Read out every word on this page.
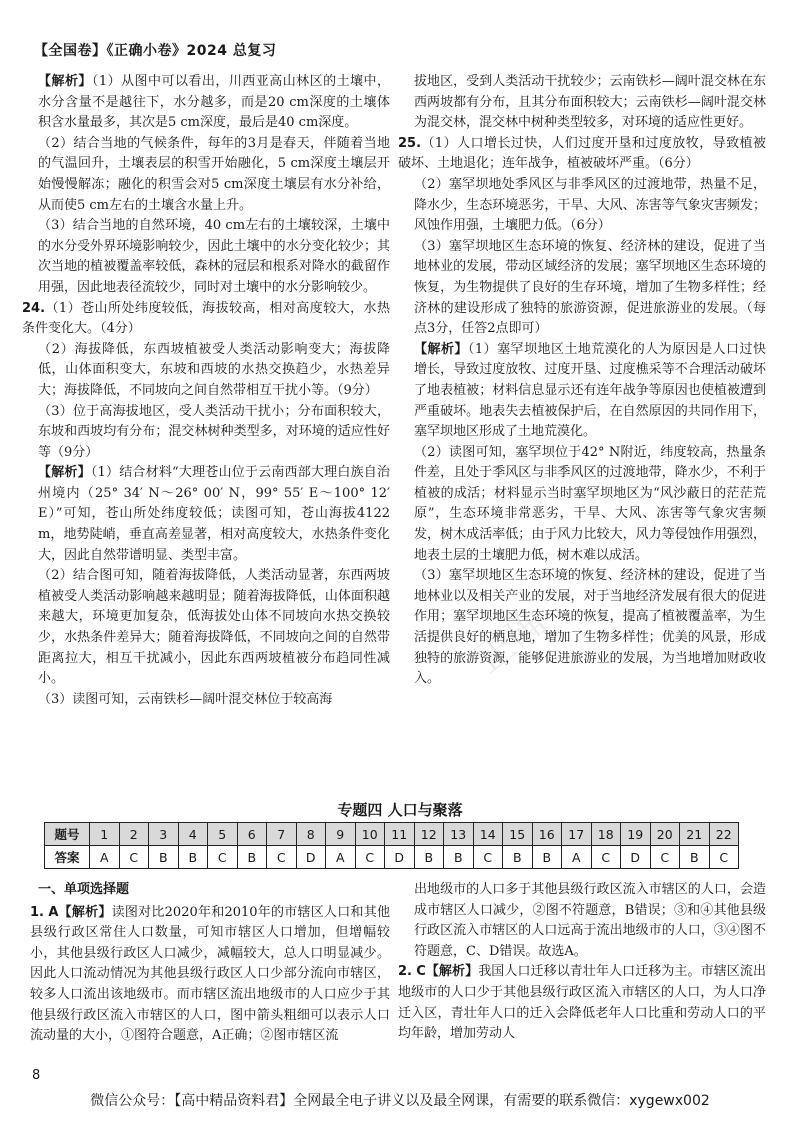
【全国卷】《正确小卷》2024 总复习
正确

【解析】（1）从图中可以看出，川西亚高山林区的土壤中，水分含量不是越往下，水分越多，而是20 cm深度的土壤体积含水量最多，其次是5 cm深度，最后是40 cm深度。

（2）结合当地的气候条件，每年的3月是春天，伴随着当地的气温回升，土壤表层的积雪开始融化，5 cm深度土壤层开始慢慢解冻；融化的积雪会对5 cm深度土壤层有水分补给，从而使5 cm左右的土壤含水量上升。

（3）结合当地的自然环境，40 cm左右的土壤较深，土壤中的水分受外界环境影响较少，因此土壤中的水分变化较少；其次当地的植被覆盖率较低，森林的冠层和根系对降水的截留作用强，因此地表径流较少，同时对土壤中的水分影响较少。

24.（1）苍山所处纬度较低，海拔较高，相对高度较大，水热条件变化大。（4分）

（2）海拔降低，东西坡植被受人类活动影响变大；海拔降低，山体面积变大，东坡和西坡的水热交换趋少，水热差异大；海拔降低，不同坡向之间自然带相互干扰小等。（9分）

（3）位于高海拔地区，受人类活动干扰小；分布面积较大，东坡和西坡均有分布；混交林树种类型多，对环境的适应性好等（9分）

【解析】（1）结合材料“大理苍山位于云南西部大理白族自治州境内（25° 34′ N～26° 00′ N，99° 55′ E～100° 12′ E）”可知，苍山所处纬度较低；读图可知，苍山海拔4122 m，地势陡峭，垂直高差显著，相对高度较大，水热条件变化大，因此自然带谱明显、类型丰富。

（2）结合图可知，随着海拔降低，人类活动显著，东西两坡植被受人类活动影响越来越明显；随着海拔降低，山体面积越来越大，环境更加复杂，低海拔处山体不同坡向水热交换较少，水热条件差异大；随着海拔降低，不同坡向之间的自然带距离拉大，相互干扰减小，因此东西两坡植被分布趋同性减小。

（3）读图可知，云南铁杉—阔叶混交林位于较高海

拔地区，受到人类活动干扰较少；云南铁杉—阔叶混交林在东西两坡都有分布，且其分布面积较大；云南铁杉—阔叶混交林为混交林，混交林中树种类型较多，对环境的适应性更好。

25.（1）人口增长过快，人们过度开垦和过度放牧，导致植被破坏、土地退化；连年战争，植被破坏严重。（6分）

（2）塞罕坝地处季风区与非季风区的过渡地带，热量不足，降水少，生态环境恶劣，干旱、大风、冻害等气象灾害频发；风蚀作用强，土壤肥力低。（6分）

（3）塞罕坝地区生态环境的恢复、经济林的建设，促进了当地林业的发展，带动区域经济的发展；塞罕坝地区生态环境的恢复，为生物提供了良好的生存环境，增加了生物多样性；经济林的建设形成了独特的旅游资源，促进旅游业的发展。（每点3分，任答2点即可）

【解析】（1）塞罕坝地区土地荒漠化的人为原因是人口过快增长，导致过度放牧、过度开垦、过度樵采等不合理活动破坏了地表植被；材料信息显示还有连年战争等原因也使植被遭到严重破坏。地表失去植被保护后，在自然原因的共同作用下，塞罕坝地区形成了土地荒漠化。

（2）读图可知，塞罕坝位于42° N附近，纬度较高，热量条件差，且处于季风区与非季风区的过渡地带，降水少，不利于植被的成活；材料显示当时塞罕坝地区为“风沙蔽日的茫茫荒原”，生态环境非常恶劣，干旱、大风、冻害等气象灾害频发，树木成活率低；由于风力比较大，风力等侵蚀作用强烈，地表土层的土壤肥力低，树木难以成活。

（3）塞罕坝地区生态环境的恢复、经济林的建设，促进了当地林业以及相关产业的发展，对于当地经济发展有很大的促进作用；塞罕坝地区生态环境的恢复，提高了植被覆盖率，为生活提供良好的栖息地，增加了生物多样性；优美的风景，形成独特的旅游资源，能够促进旅游业的发展，为当地增加财政收入。

专题四 人口与聚落
题号	1	2	3	4	5	6	7	8	9	10	11	12	13	14	15	16	17	18	19	20	21	22
答案	A	C	B	B	C	B	C	D	A	C	D	B	B	C	B	B	A	C	D	C	B	C
一、单项选择题

1. A【解析】读图对比2020年和2010年的市辖区人口和其他县级行政区常住人口数量，可知市辖区人口增加，但增幅较小，其他县级行政区人口减少，减幅较大，总人口明显减少。因此人口流动情况为其他县级行政区人口少部分流向市辖区，较多人口流出该地级市。而市辖区流出地级市的人口应少于其他县级行政区流入市辖区的人口，图中箭头粗细可以表示人口流动量的大小，①图符合题意，A正确；②图市辖区流

出地级市的人口多于其他县级行政区流入市辖区的人口，会造成市辖区人口减少，②图不符题意，B错误；③和④其他县级行政区流入市辖区的人口远高于流出地级市的人口，③④图不符题意，C、D错误。故选A。

2. C【解析】我国人口迁移以青壮年人口迁移为主。市辖区流出地级市的人口少于其他县级行政区流入市辖区的人口，为人口净迁入区，青壮年人口的迁入会降低老年人口比重和劳动人口的平均年龄，增加劳动人

8
微信公众号：【高中精品资料君】全网最全电子讲义以及最全网课，有需要的联系微信：xygewx002
